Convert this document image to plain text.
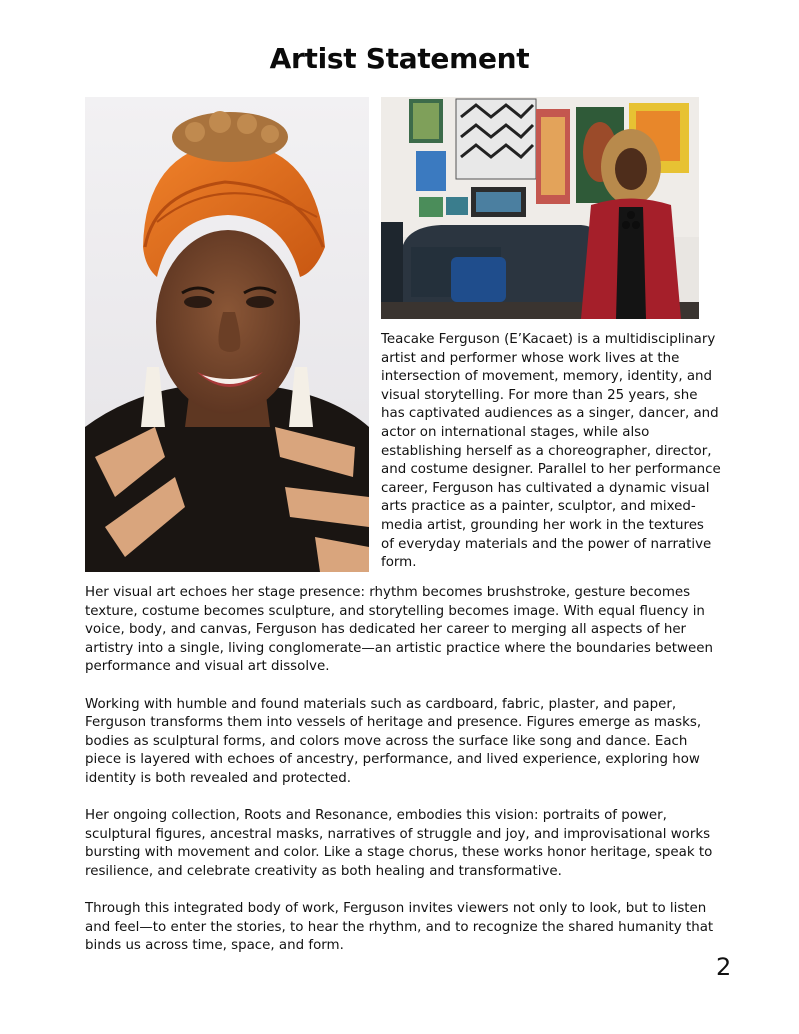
Artist Statement
Teacake Ferguson (E’Kacaet) is a multidisciplinary artist and performer whose work lives at the intersection of movement, memory, identity, and visual storytelling. For more than 25 years, she has captivated audiences as a singer, dancer, and actor on international stages, while also establishing herself as a choreographer, director, and costume designer. Parallel to her performance career, Ferguson has cultivated a dynamic visual arts practice as a painter, sculptor, and mixed-media artist, grounding her work in the textures of everyday materials and the power of narrative form.

Her visual art echoes her stage presence: rhythm becomes brushstroke, gesture becomes texture, costume becomes sculpture, and storytelling becomes image. With equal fluency in voice, body, and canvas, Ferguson has dedicated her career to merging all aspects of her artistry into a single, living conglomerate—an artistic practice where the boundaries between performance and visual art dissolve.

Working with humble and found materials such as cardboard, fabric, plaster, and paper, Ferguson transforms them into vessels of heritage and presence. Figures emerge as masks, bodies as sculptural forms, and colors move across the surface like song and dance. Each piece is layered with echoes of ancestry, performance, and lived experience, exploring how identity is both revealed and protected.

Her ongoing collection, Roots and Resonance, embodies this vision: portraits of power, sculptural figures, ancestral masks, narratives of struggle and joy, and improvisational works bursting with movement and color. Like a stage chorus, these works honor heritage, speak to resilience, and celebrate creativity as both healing and transformative.

Through this integrated body of work, Ferguson invites viewers not only to look, but to listen and feel—to enter the stories, to hear the rhythm, and to recognize the shared humanity that binds us across time, space, and form.

2
